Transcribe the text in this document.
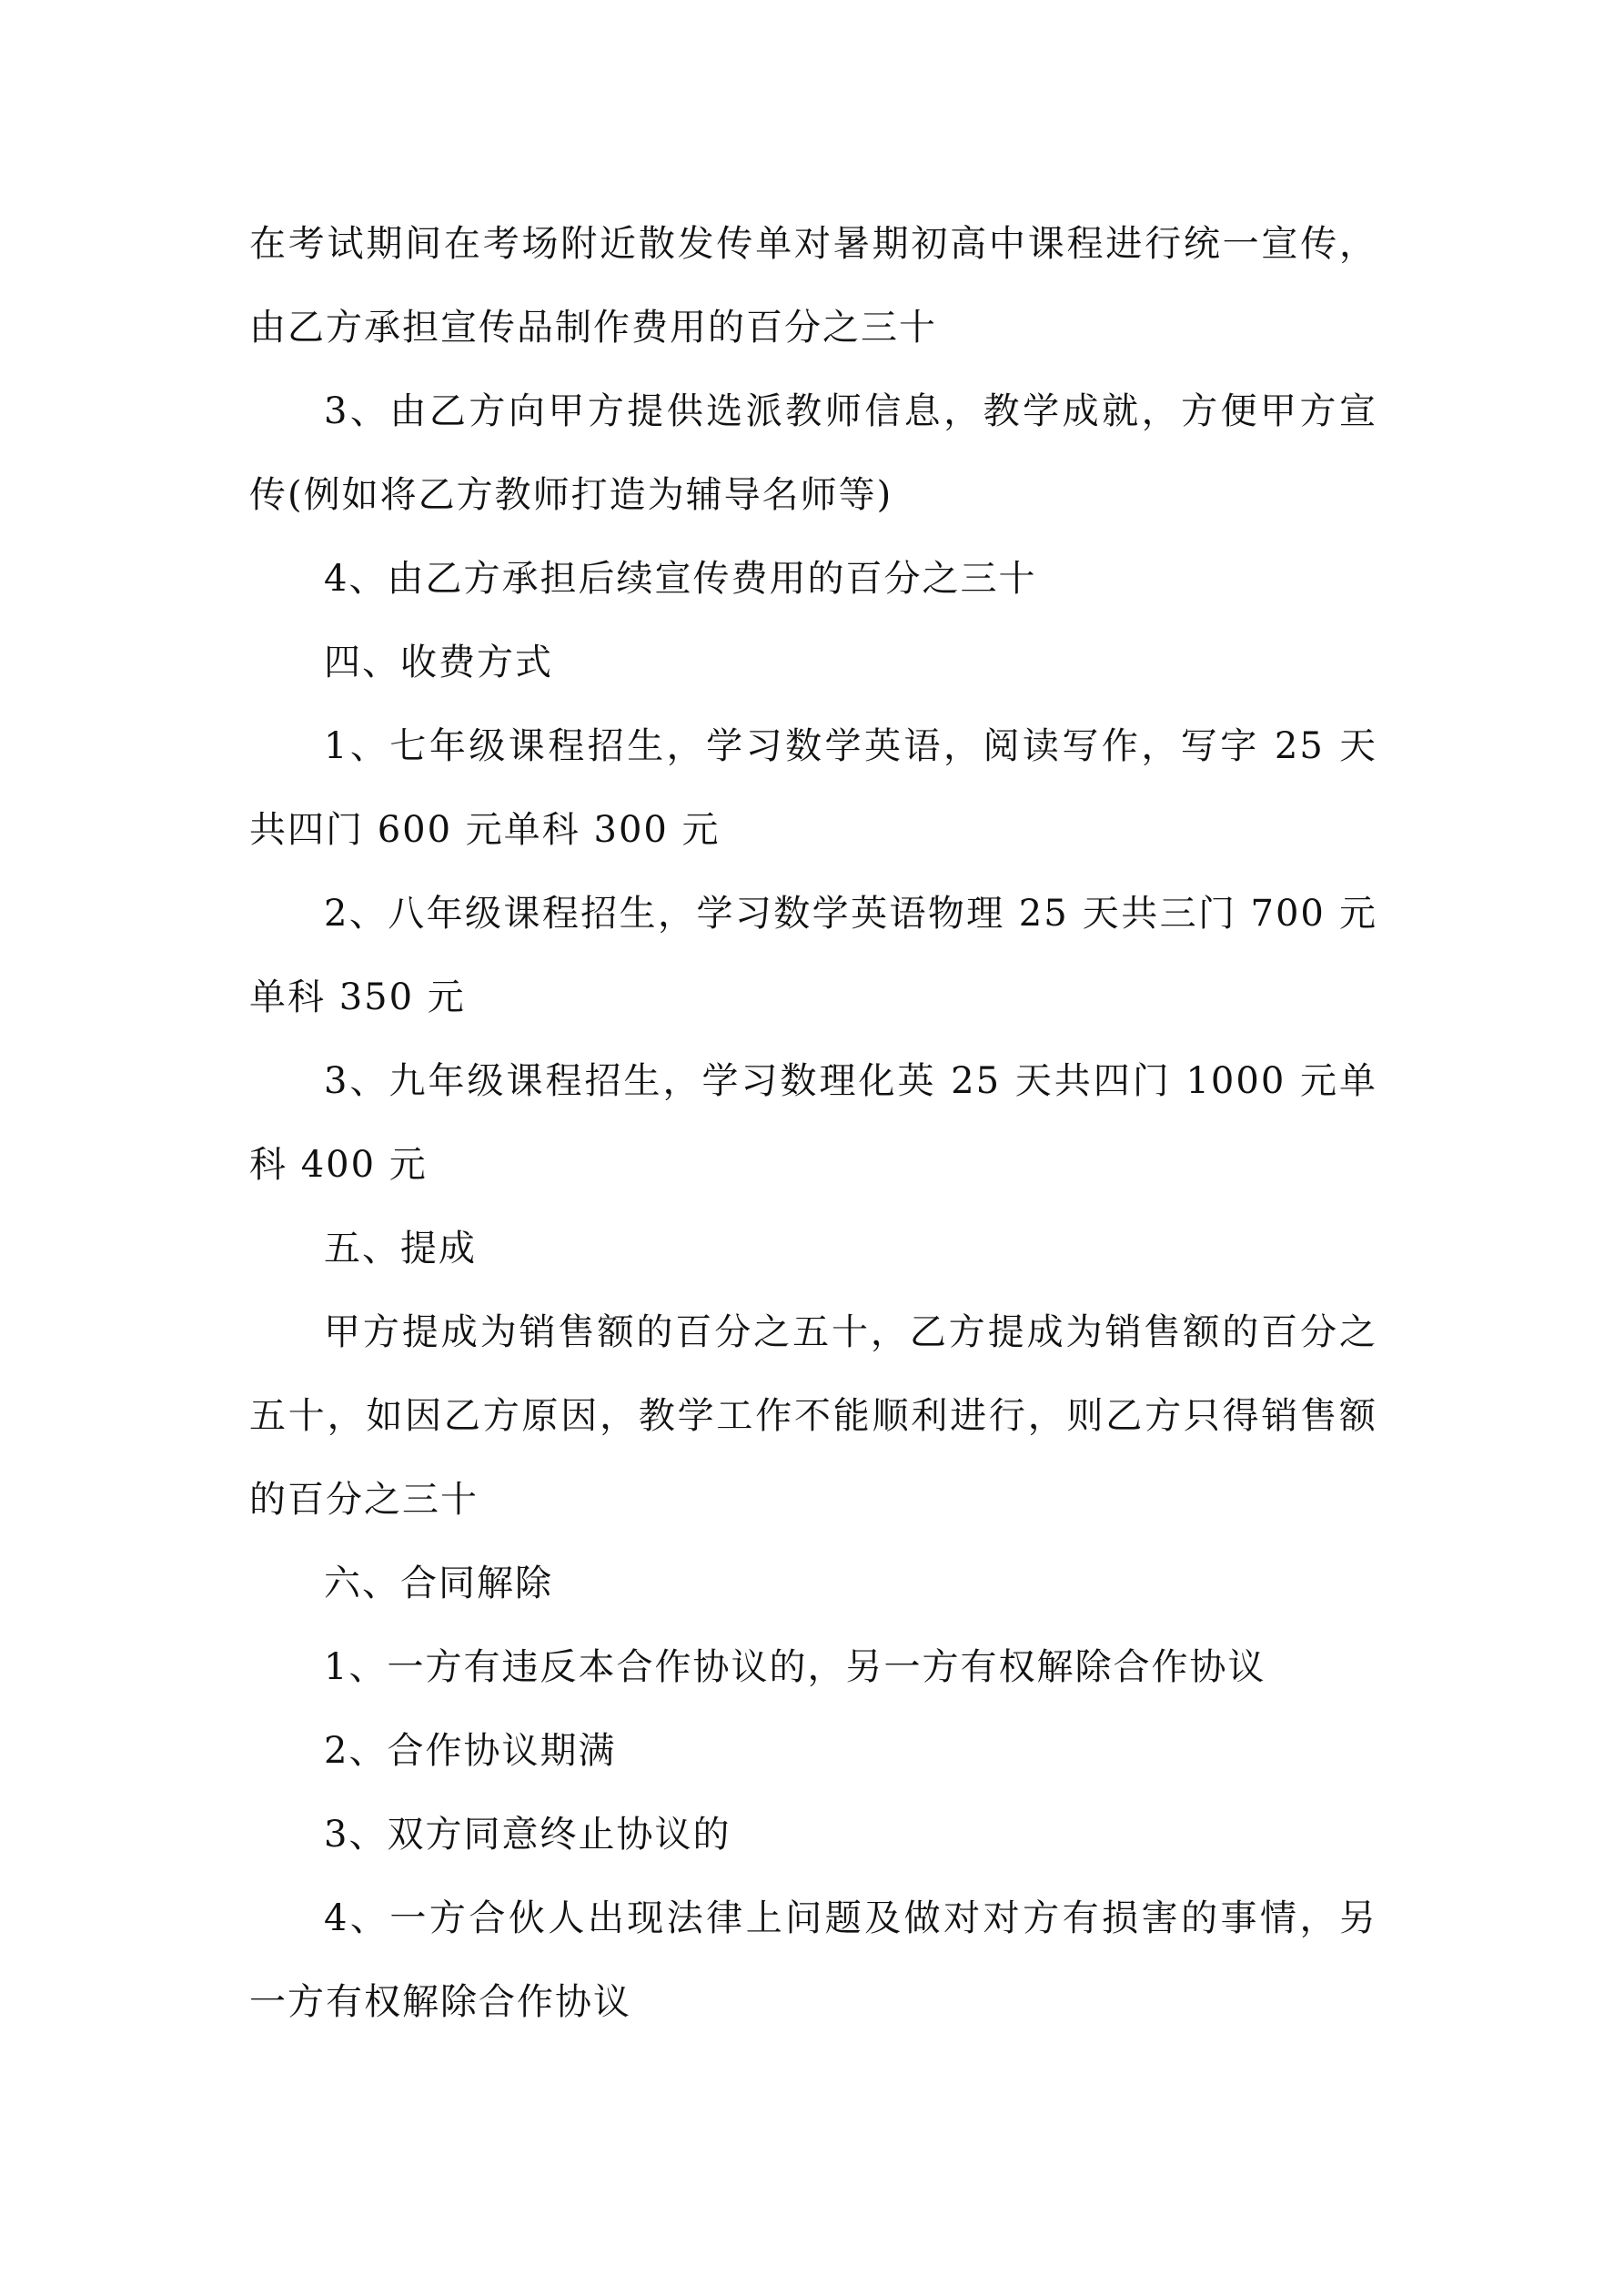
在考试期间在考场附近散发传单对暑期初高中课程进行统一宣传，由乙方承担宣传品制作费用的百分之三十

3、由乙方向甲方提供选派教师信息，教学成就，方便甲方宣传(例如将乙方教师打造为辅导名师等)

4、由乙方承担后续宣传费用的百分之三十

四、收费方式

1、七年级课程招生，学习数学英语，阅读写作，写字 25 天共四门 600 元单科 300 元

2、八年级课程招生，学习数学英语物理 25 天共三门 700 元单科 350 元

3、九年级课程招生，学习数理化英 25 天共四门 1000 元单科 400 元

五、提成

甲方提成为销售额的百分之五十，乙方提成为销售额的百分之五十，如因乙方原因，教学工作不能顺利进行，则乙方只得销售额的百分之三十

六、合同解除

1、一方有违反本合作协议的，另一方有权解除合作协议

2、合作协议期满

3、双方同意终止协议的

4、一方合伙人出现法律上问题及做对对方有损害的事情，另一方有权解除合作协议
